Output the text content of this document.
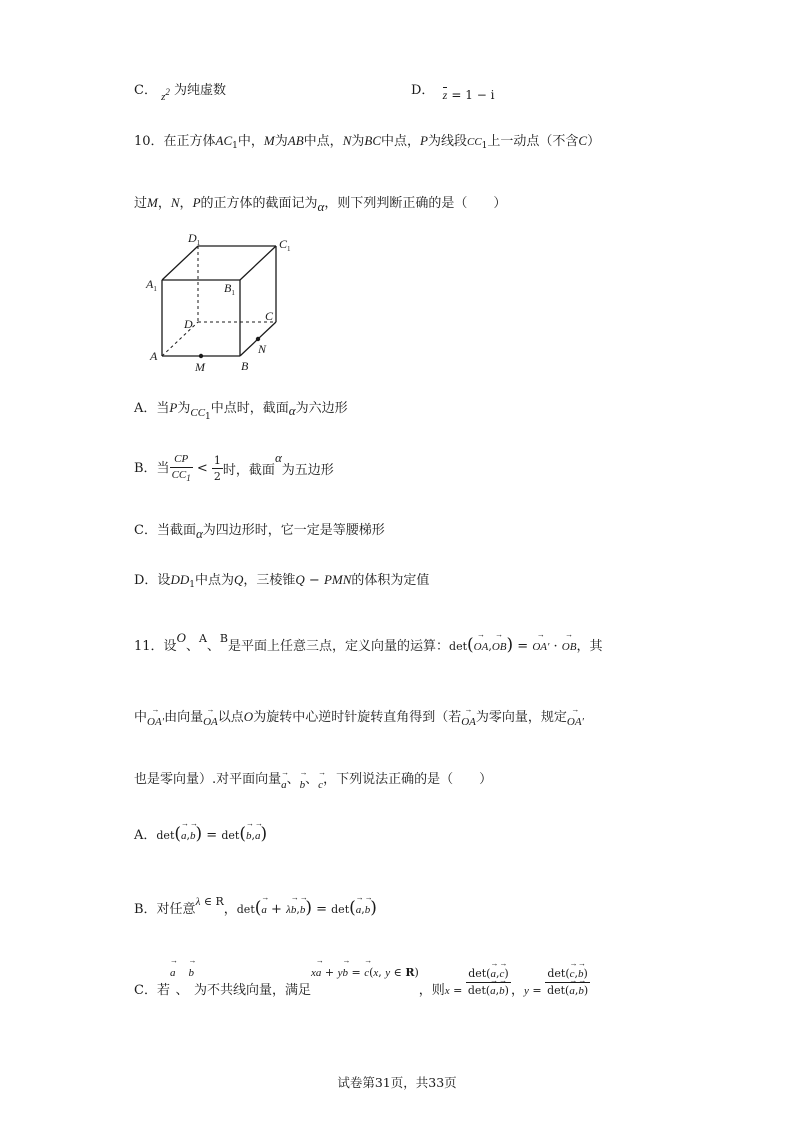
C． $_{z^2}$ 为纯虚数	D． z = 1 − i
10．在正方体$AC_1$中，M为AB中点，N为BC中点，P为线段$CC_1$上一动点（不含C）
过M，N，P的正方体的截面记为α，则下列判断正确的是（　　）
$D_1$	$C_1$
$A_1$	$B_1$
D
C
A
B
M
N
A．当P为$_{CC1}$中点时，截面α为六边形
B．当 $\frac{CP}{CC_1} < \frac{1}{2}$ 时，截面α为五边形
C．当截面α为四边形时，它一定是等腰梯形
D．设$DD_1$中点为Q，三棱锥Q − PMN的体积为定值
11．设O、$^A$、$^B$是平面上任意三点，定义向量的运算：det(OA →,OB →) = OA′ → · OB →，其
中OA′ →由向量OA →以点O为旋转中心逆时针旋转直角得到（若OA →为零向量，规定OA′ →
也是零向量）.对平面向量a →、b →、c →，下列说法正确的是（　　）
A．det(a →,b →) = det(b →,a →)
B．对任意$^{\lambda \in R}$，det(a → + λb →,b →) = det(a →,b →)
C．若a →、b →为不共线向量，满足$^{xa \to + yb \to = c \to(x, y \in R)}$，则$_x$ $_= \frac{\det(a \to,c \to)}{\det(a \to,b \to)}$ ，$_y$ $_= \frac{\det(c \to,b \to)}{\det(a \to,b \to)}$
试卷第31页，共33页
